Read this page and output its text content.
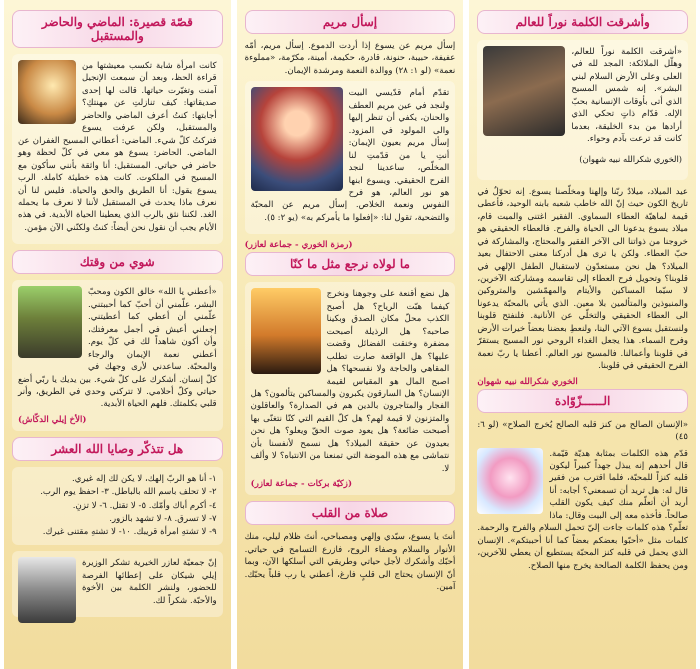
وأشرقت الكلمة نوراً للعالم

«أشرقت الكلمة نوراً للعالم، وهلّل الملائكة: المجد لله في العلى وعلى الأرض السلام لبني البشر». إنه شمس المسيح الذي أتى بأوقات الإنسانية بحبّ الإله. قدّام ذاتٍ تحكي الذي أرادها من بدء الخليقة، بعدما كانت قد ترعت بآدم وحواء.

(الخوري شكرالله نبيه شهوان)

عيد الميلاد، ميلادٌ ربّنا وإلهنا ومخلّصنا يسوع. إنه تحوّلٌ في تاريخ الكون حيث إنّ الله خاطب شعبه بابنه الوحيد، فأعطى قيمة لماهيّة العطاء السماوي. الفقير اغتنى والميت قام، ميلاد يسوع يدعونا الى الحياة والفرح. فالعطاء الحقيقي هو خروجنا من ذواتنا الى الآخر الفقير والمحتاج، والمشاركة في حبّ العطاء. ولكن يا ترى هل أدركنا معنى الاحتفال بعيد الميلاد؟ هل نحن مستعدّون لاستقبال الطفل الإلهي في قلوبنا؟ وتحويل فرح العطاء إلى تقاسمه ومشاركته الآخرين، لا سيّما المساكين والأيتام والمهمّشين والمتروكين والمنبوذين والمتألمين بلا معين. الذي يأتي بالمحبّة يدعونا الى العطاء الحقيقي والتخلّي عن الأنانية. فلنفتح قلوبنا ولنستقبل يسوع الآتي الينا، ولنعطِ بعضنا بعضاً خيرات الأرض وفرح السماء. هذا يجعل الغداء الروحي نور المسيح يستقرّ في قلوبنا وأعمالنا. فالمسيح نور العالم. أعطنا يا ربّ نعمة الفرح الحقيقي في قلوبنا.

الخوري شكرالله نبيه شهوان
الــــــزّوّادة

«الإنسان الصالح من كنز قلبه الصالح يُخرج الصلاح» (لو ٦: ٤٥)

قدّم هذه الكلمات بمثابة هديّة قيّمة. قال أحدهم إنه يبذل جهداً كبيراً ليكون قلبه كنزاً للمحبّة، فلما اقترب من فقير قال له: هل تريد أن تسمعني؟ أجابه: أنا أريد أن أتعلّم منك كيف يكون القلب صالحاً. فأخذه معه إلى البيت وقال: ماذا تعلّم؟ هذه كلمات جاءت إليّ تحمل السلام والفرح والرحمة. كلمات مثل «أحبّوا بعضكم بعضاً كما أنا أحببتكم». الإنسان الذي يحمل في قلبه كنز المحبّة يستطيع أن يعطي للآخرين، ومن يحفظ الكلمة الصالحة يخرج منها الصلاح.

إسأل مريم

إسأل مريم عن يسوع إذا أردت الدموع. إسأل مريم، أمّه عفيفة، حبيبة، حنونة، قادرة، حكيمة، أمينة، مكرّمة، «مملوءة نعمة» (لو ١: ٢٨) ووالدة النعمة ومرشدة الإيمان.

تقدّم أمام قدّيسي البيت ولنجد في عين مريم العطف والحنان، يكفي أن تنظر إليها والى المولود في المزود. إسأل مريم بعيون الإيمان: أنتِ يا من قدّمتِ لنا المخلّص، ساعدينا لنجد الفرح الحقيقي. ويسوع ابنها هو نور العالم، هو فرح النفوس ونعمة الخلاص. إسأل مريم عن المحبّة والتضحية، تقول لنا: «إفعلوا ما يأمركم به» (يو ٢: ٥).

(رمزة الخوري - جماعة لعازر)
ما لولاه نرجع مثل ما كنّا

هل نضع أقنعة على وجوهنا ونخرج كيفما هبّت الرياح؟ هل أصبح الكذب محلّ مكان الصدق وبكينا صاحبه؟ هل الرذيلة أصبحت مضفرة وخنقت الفضائل وقضت عليها؟ هل الواقعة صارت تطلب المقاهي والحاجة ولا نفسحها؟ هل اصبح المال هو المقياس لقيمة الإنسان؟ هل السارقون يكبرون والمساكين يتألمون؟ هل الفجار والمتاجرون بالدين هم في الصدارة؟ والعاقلون والمتزنون لا قيمة لهم؟ هل كلّ القيم التي كنّا نتغنّى بها أصبحت ضائعة؟ هل يعود صوت الحقّ ويعلو؟ هل نحن بعيدون عن حقيقة الميلاد؟ هل نسمح لأنفسنا بأن نتماشى مع هذه الموضة التي تمنعنا من الانتباه؟ لا وألف لا.

(زكيّة بركات - جماعة لعازر)
صلاة من القلب

أنتَ يا يسوع، سيّدي وإلهي ومصباحي، أنتَ ظلام ليلي، منك الأنوار والسلام وصفاء الروح، فازرع التسامح في حياتي. أحبّك وأشكرك لأجل حياتي وطريقي التي أسلكها الآن، وبما أنّ الإنسان يحتاج الى قلبٍ فارغ، أعطني يا رب قلباً يحبّك. آمين.

قصّة قصيرة: الماضي والحاضر والمستقبل

كانت امرأة شابة تكسب معيشتها من قراءة الحظ، وبعد أن سمعت الإنجيل آمنت وتغيّرت حياتها. قالت لها إحدى صديقاتها: كيف تنازلتِ عن مهنتكِ؟ أجابتها: كنتُ أعرف الماضي والحاضر والمستقبل، ولكن عرفت يسوع فتركتُ كلّ شيء. الماضي: أعطاني المسيح الغفران عن الماضي. الحاضر: يسوع هو معي في كلّ لحظة وهو حاضر في حياتي. المستقبل: أنا واثقة بأنني سأكون مع المسيح في الملكوت. كانت هذه خطيئة كاملة. الرب يسوع يقول: أنا الطريق والحق والحياة. فليس لنا أن نعرف ماذا يحدث في المستقبل لأننا لا نعرف ما يحمله الغد. لكننا نثق بالرب الذي يعطينا الحياة الأبدية. في هذه الأيام يجب أن نقول نحن أيضاً: كنتُ ولكنّني الآن مؤمن.

شوي من وقتك

«أعطني يا الله» خالق الكون ومحبّ البشر، علّمني أن أحبّ كما أحببتني. علّمني أن أعطي كما أعطيتني. إجعلني أعيش في أجمل معرفتك، وأن أكون شاهداً لك في كلّ يوم. أعطني نعمة الإيمان والرجاء والمحبّة. ساعدني لأرى وجهك في كلّ إنسان. أشكرك على كلّ شيء. بين يديك يا ربّي أضع حياتي وكلّ أحلامي. لا تتركني وحدي في الطريق، وأنر قلبي بكلمتك. فلهم الحياة الأبدية.

(الأخ إيلي الدكّاش)
هل تتذكّر وصايا الله العشر
١- أنا هو الربّ إلهك، لا يكن لك إله غيري.
٢- لا تحلف باسم الله بالباطل. ٣- احفظ يوم الرب.
٤- أكرم أباك وأمّك. ٥- لا تقتل. ٦- لا تزنِ.
٧- لا تسرق. ٨- لا تشهد بالزور.
٩- لا تشتهِ امرأة قريبك. ١٠- لا تشتهِ مقتنى غيرك.

إنّ جمعيّة لعازر الخيرية تشكر الوزيرة إيلي شيكان على إعطائها الفرصة للحضور، ولنشر الكلمة بين الأخوة والأحبّة. شكراً لك.
